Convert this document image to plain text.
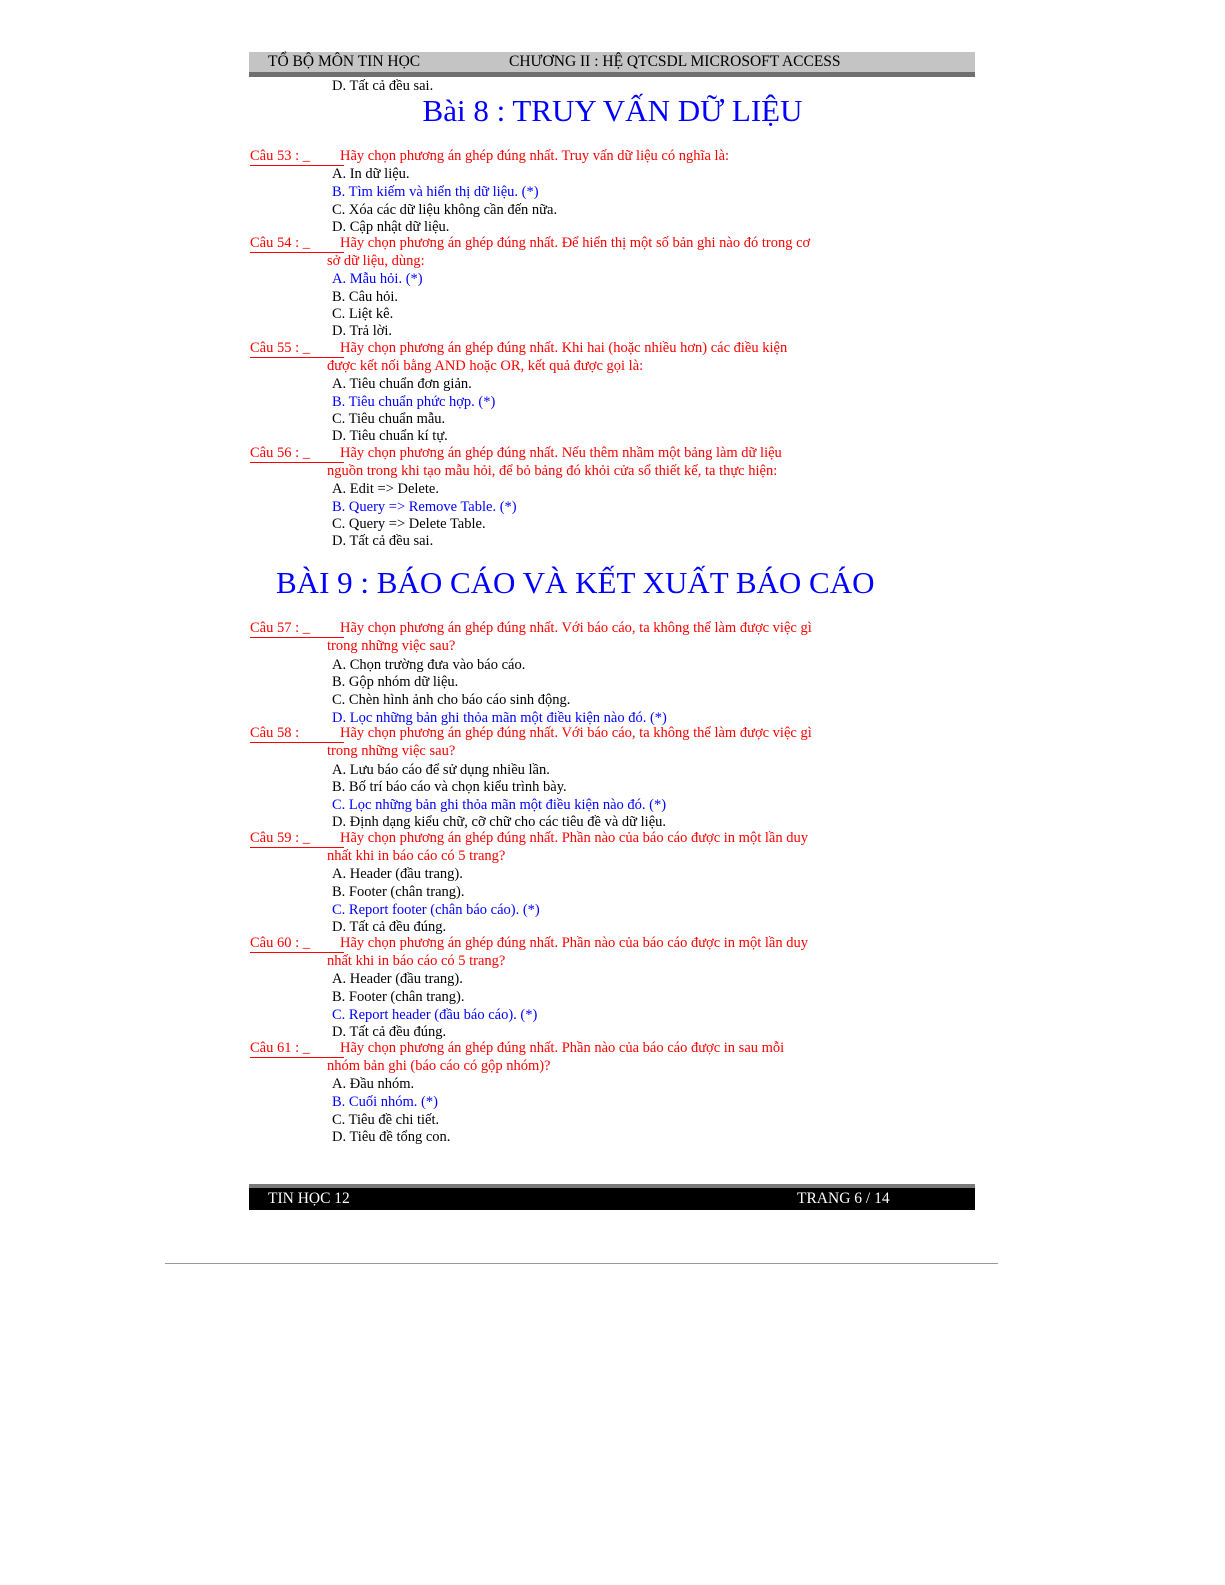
TỔ BỘ MÔN TIN HỌC	CHƯƠNG II : HỆ QTCSDL MICROSOFT ACCESS
D. Tất cả đều sai.
Bài 8 : TRUY VẤN DỮ LIỆU
Câu 53 : _	Hãy chọn phương án ghép đúng nhất. Truy vấn dữ liệu có nghĩa là:
A. In dữ liệu.
B. Tìm kiếm và hiển thị dữ liệu. (*)
C. Xóa các dữ liệu không cần đến nữa.
D. Cập nhật dữ liệu.
Câu 54 : _	Hãy chọn phương án ghép đúng nhất. Để hiển thị một số bản ghi nào đó trong cơ
sở dữ liệu, dùng:
A. Mẫu hỏi. (*)
B. Câu hỏi.
C. Liệt kê.
D. Trả lời.
Câu 55 : _	Hãy chọn phương án ghép đúng nhất. Khi hai (hoặc nhiều hơn) các điều kiện
được kết nối bằng AND hoặc OR, kết quả được gọi là:
A. Tiêu chuẩn đơn giản.
B. Tiêu chuẩn phức hợp. (*)
C. Tiêu chuẩn mẫu.
D. Tiêu chuẩn kí tự.
Câu 56 : _	Hãy chọn phương án ghép đúng nhất. Nếu thêm nhầm một bảng làm dữ liệu
nguồn trong khi tạo mẫu hỏi, để bỏ bảng đó khỏi cửa sổ thiết kế, ta thực hiện:
A. Edit => Delete.
B. Query => Remove Table. (*)
C. Query => Delete Table.
D. Tất cả đều sai.
BÀI 9 : BÁO CÁO VÀ KẾT XUẤT BÁO CÁO
Câu 57 : _	Hãy chọn phương án ghép đúng nhất. Với báo cáo, ta không thể làm được việc gì
trong những việc sau?
A. Chọn trường đưa vào báo cáo.
B. Gộp nhóm dữ liệu.
C. Chèn hình ảnh cho báo cáo sinh động.
D. Lọc những bản ghi thỏa mãn một điều kiện nào đó. (*)
Câu 58 :	Hãy chọn phương án ghép đúng nhất. Với báo cáo, ta không thể làm được việc gì
trong những việc sau?
A. Lưu báo cáo để sử dụng nhiều lần.
B. Bố trí báo cáo và chọn kiểu trình bày.
C. Lọc những bản ghi thỏa mãn một điều kiện nào đó. (*)
D. Định dạng kiểu chữ, cỡ chữ cho các tiêu đề và dữ liệu.
Câu 59 : _	Hãy chọn phương án ghép đúng nhất. Phần nào của báo cáo được in một lần duy
nhất khi in báo cáo có 5 trang?
A. Header (đầu trang).
B. Footer (chân trang).
C. Report footer (chân báo cáo). (*)
D. Tất cả đều đúng.
Câu 60 : _	Hãy chọn phương án ghép đúng nhất. Phần nào của báo cáo được in một lần duy
nhất khi in báo cáo có 5 trang?
A. Header (đầu trang).
B. Footer (chân trang).
C. Report header (đầu báo cáo). (*)
D. Tất cả đều đúng.
Câu 61 : _	Hãy chọn phương án ghép đúng nhất. Phần nào của báo cáo được in sau mỗi
nhóm bản ghi (báo cáo có gộp nhóm)?
A. Đầu nhóm.
B. Cuối nhóm. (*)
C. Tiêu đề chi tiết.
D. Tiêu đề tổng con.
TIN HỌC 12	TRANG 6 / 14
